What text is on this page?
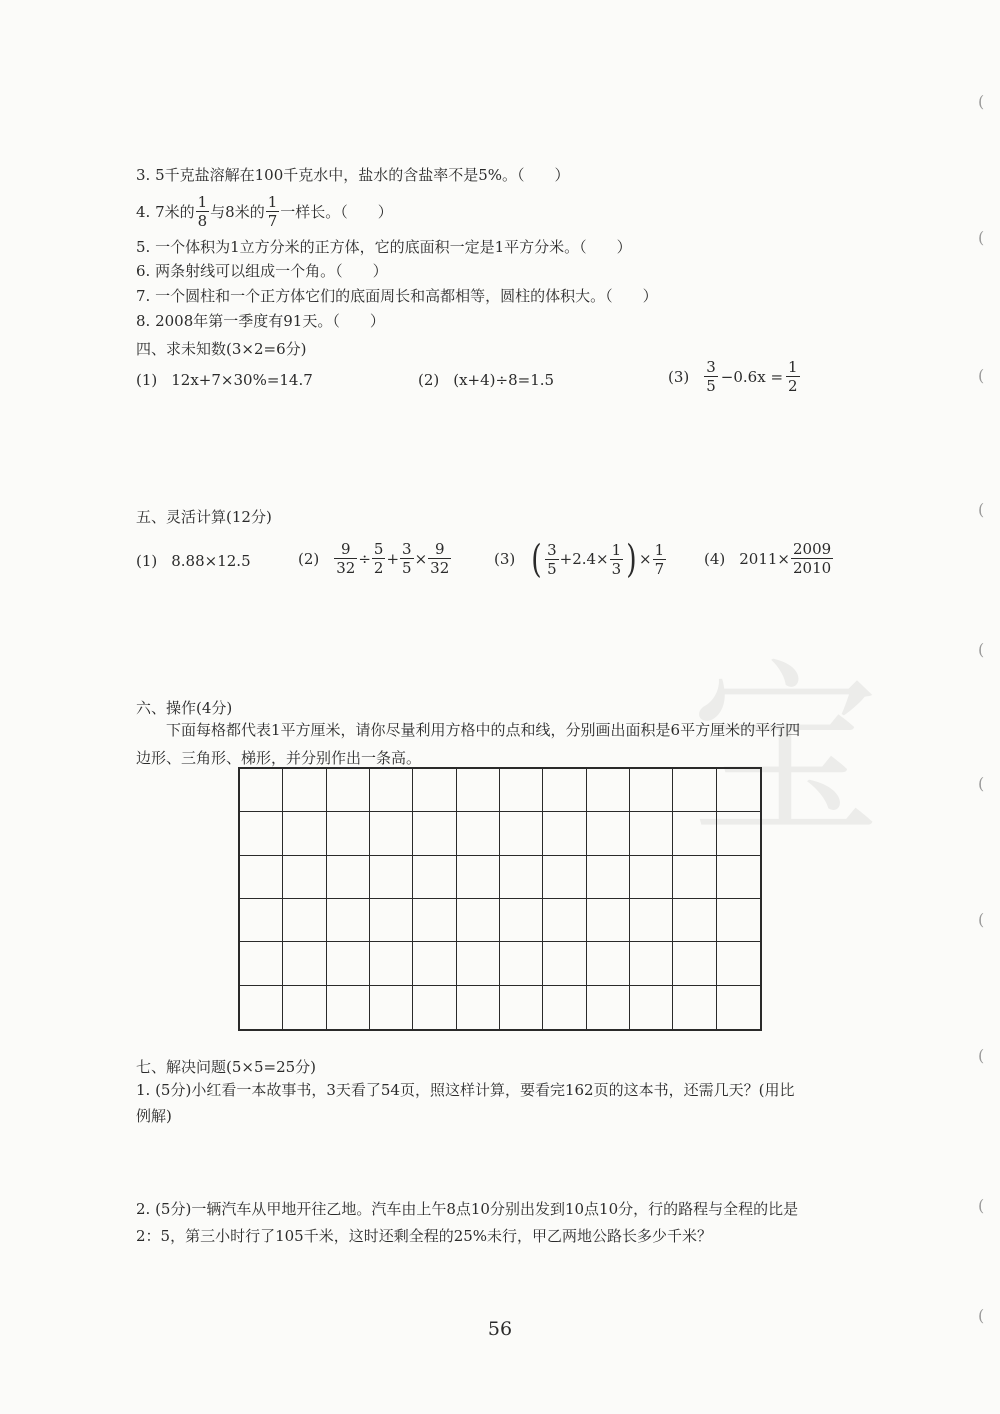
宝
(
(
(
(
(
(
(
(
(
(
3. 5千克盐溶解在100千克水中，盐水的含盐率不是5%。（　　）
4. 7米的 $\frac{1}{8}$ 与8米的 $\frac{1}{7}$ 一样长。（　　）
5. 一个体积为1立方分米的正方体，它的底面积一定是1平方分米。（　　）
6. 两条射线可以组成一个角。（　　）
7. 一个圆柱和一个正方体它们的底面周长和高都相等，圆柱的体积大。（　　）
8. 2008年第一季度有91天。（　　）
四、求未知数(3×2=6分)
(1) 12x+7×30%=14.7	(2) (x+4)÷8=1.5	$(3) \frac{3}{5} -0.6x = \frac{1}{2}$
五、灵活计算(12分)
(1) 8.88×12.5	$(2) \frac{9}{32} \div \frac{5}{2} + \frac{3}{5} \times \frac{9}{32}$	(3) ( $\frac{3}{5} +2.4\times \frac{1}{3}$ ) × $\frac{1}{7}$	(4) $2011\times \frac{2009}{2010}$
六、操作(4分)
下面每格都代表1平方厘米，请你尽量利用方格中的点和线，分别画出面积是6平方厘米的平行四
边形、三角形、梯形，并分别作出一条高。
七、解决问题(5×5=25分)
1. (5分)小红看一本故事书，3天看了54页，照这样计算，要看完162页的这本书，还需几天？(用比
例解)
2. (5分)一辆汽车从甲地开往乙地。汽车由上午8点10分别出发到10点10分，行的路程与全程的比是
2：5，第三小时行了105千米，这时还剩全程的25%未行，甲乙两地公路长多少千米？
56
